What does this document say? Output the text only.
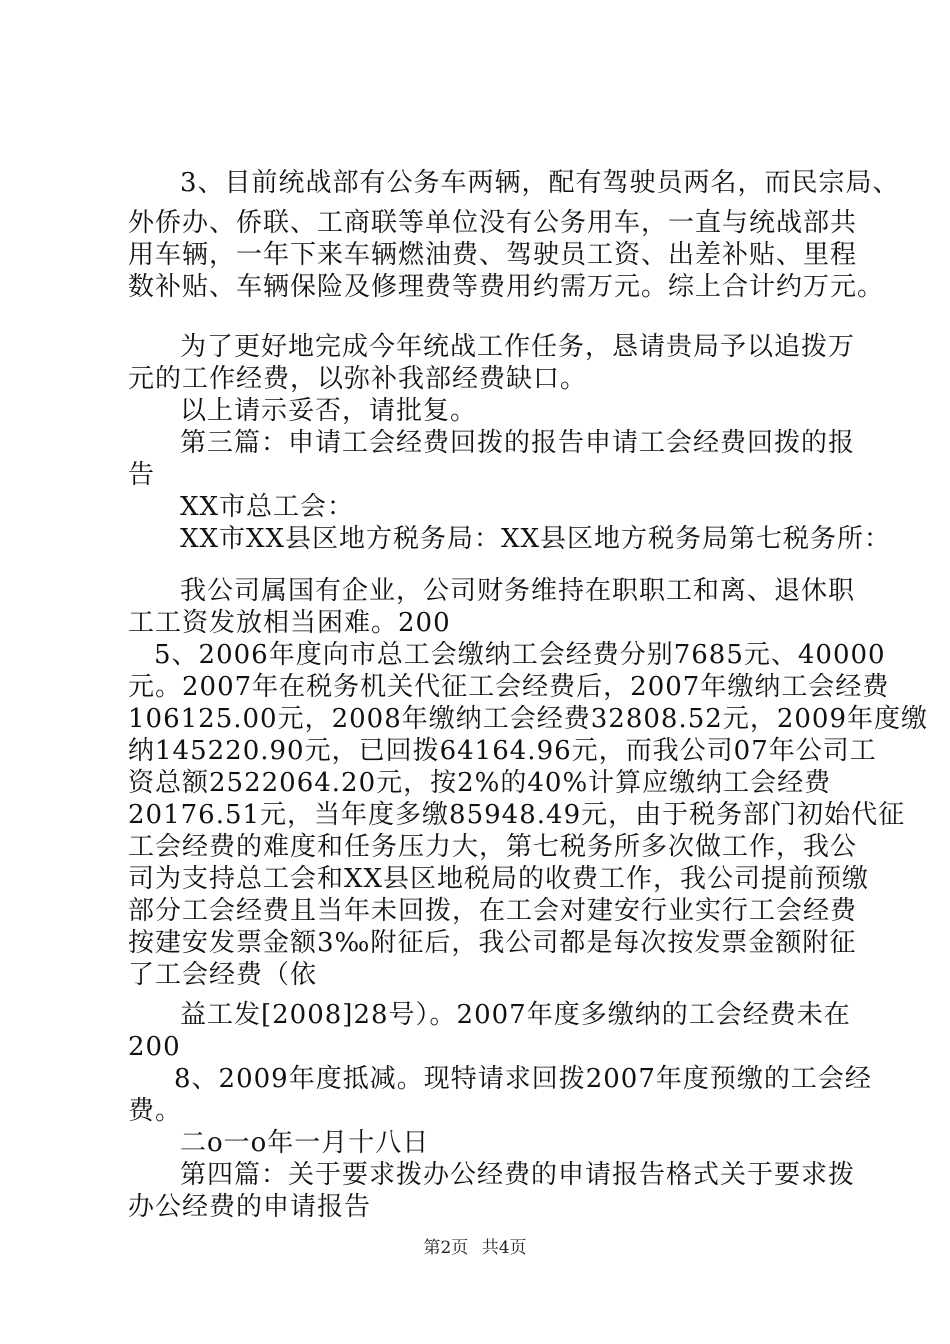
3、目前统战部有公务车两辆，配有驾驶员两名，而民宗局、
外侨办、侨联、工商联等单位没有公务用车，一直与统战部共
用车辆，一年下来车辆燃油费、驾驶员工资、出差补贴、里程
数补贴、车辆保险及修理费等费用约需万元。综上合计约万元。
为了更好地完成今年统战工作任务，恳请贵局予以追拨万
元的工作经费，以弥补我部经费缺口。
以上请示妥否，请批复。
第三篇：申请工会经费回拨的报告申请工会经费回拨的报
告
XX市总工会：
XX市XX县区地方税务局：XX县区地方税务局第七税务所：
我公司属国有企业，公司财务维持在职职工和离、退休职
工工资发放相当困难。200
5、2006年度向市总工会缴纳工会经费分别7685元、40000
元。2007年在税务机关代征工会经费后，2007年缴纳工会经费
106125.00元，2008年缴纳工会经费32808.52元，2009年度缴
纳145220.90元，已回拨64164.96元，而我公司07年公司工
资总额2522064.20元，按2%的40%计算应缴纳工会经费
20176.51元，当年度多缴85948.49元，由于税务部门初始代征
工会经费的难度和任务压力大，第七税务所多次做工作，我公
司为支持总工会和XX县区地税局的收费工作，我公司提前预缴
部分工会经费且当年未回拨，在工会对建安行业实行工会经费
按建安发票金额3‰附征后，我公司都是每次按发票金额附征
了工会经费（依
益工发[2008]28号）。2007年度多缴纳的工会经费未在
200
8、2009年度抵减。现特请求回拨2007年度预缴的工会经
费。
二o一o年一月十八日
第四篇：关于要求拨办公经费的申请报告格式关于要求拨
办公经费的申请报告
第2页 共4页
